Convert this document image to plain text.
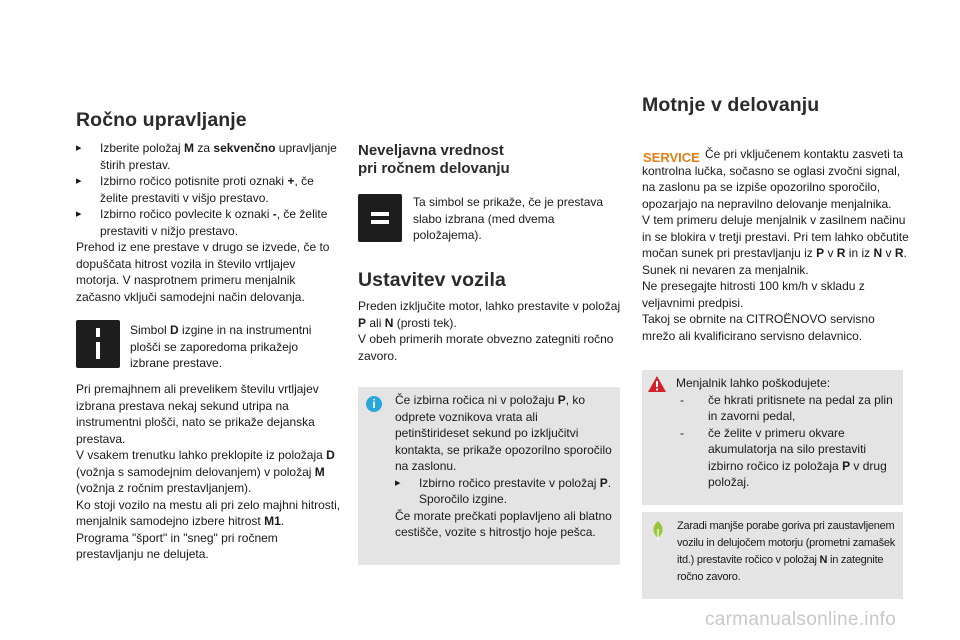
Ročno upravljanje
▸ Izberite položaj M za sekvenčno upravljanje štirih prestav.
▸ Izbirno ročico potisnite proti oznaki +, če želite prestaviti v višjo prestavo.
▸ Izbirno ročico povlecite k oznaki -, če želite prestaviti v nižjo prestavo.

Prehod iz ene prestave v drugo se izvede, če to dopuščata hitrost vozila in število vrtljajev motorja. V nasprotnem primeru menjalnik začasno vključi samodejni način delovanja.

Simbol D izgine in na instrumentni plošči se zaporedoma prikažejo izbrane prestave.

Pri premajhnem ali prevelikem številu vrtljajev izbrana prestava nekaj sekund utripa na instrumentni plošči, nato se prikaže dejanska prestava.

V vsakem trenutku lahko preklopite iz položaja D (vožnja s samodejnim delovanjem) v položaj M (vožnja z ročnim prestavljanjem).

Ko stoji vozilo na mestu ali pri zelo majhni hitrosti, menjalnik samodejno izbere hitrost M1.

Programa "šport" in "sneg" pri ročnem prestavljanju ne delujeta.

Neveljavna vrednost
pri ročnem delovanju
Ta simbol se prikaže, če je prestava slabo izbrana (med dvema položajema).
Ustavitev vozila

Preden izključite motor, lahko prestavite v položaj P ali N (prosti tek).

V obeh primerih morate obvezno zategniti ročno zavoro.

i	Če izbirna ročica ni v položaju P, ko odprete voznikova vrata ali petinštirideset sekund po izključitvi kontakta, se prikaže opozorilno sporočilo na zaslonu.

▸ Izbirno ročico prestavite v položaj P. Sporočilo izgine.

Če morate prečkati poplavljeno ali blatno cestišče, vozite s hitrostjo hoje pešca.

Motnje v delovanju
SERVICE Če pri vključenem kontaktu zasveti ta kontrolna lučka, sočasno se oglasi zvočni signal, na zaslonu pa se izpiše opozorilno sporočilo, opozarjajo na nepravilno delovanje menjalnika.

V tem primeru deluje menjalnik v zasilnem načinu in se blokira v tretji prestavi. Pri tem lahko občutite močan sunek pri prestavljanju iz P v R in iz N v R. Sunek ni nevaren za menjalnik.

Ne presegajte hitrosti 100 km/h v skladu z veljavnimi predpisi.

Takoj se obrnite na CITROËNOVO servisno mrežo ali kvalificirano servisno delavnico.

Menjalnik lahko poškodujete:

- če hkrati pritisnete na pedal za plin in zavorni pedal,
- če želite v primeru okvare akumulatorja na silo prestaviti izbirno ročico iz položaja P v drug položaj.
Zaradi manjše porabe goriva pri zaustavljenem vozilu in delujočem motorju (prometni zamašek itd.) prestavite ročico v položaj N in zategnite ročno zavoro.
carmanualsonline.info
